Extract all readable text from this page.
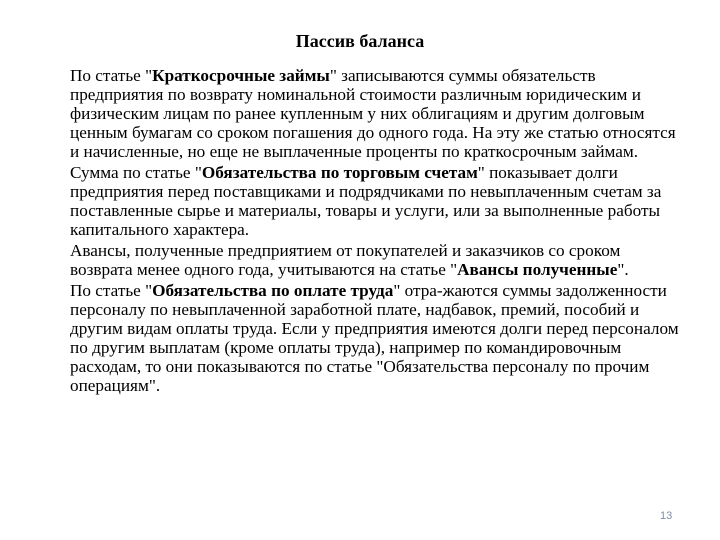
Пассив баланса

По статье "Краткосрочные займы" записываются суммы обязательств предприятия по возврату номинальной стоимости различным юридическим и физическим лицам по ранее купленным у них облигациям и другим долговым ценным бумагам со сроком погашения до одного года. На эту же статью относятся и начисленные, но еще не выплаченные проценты по краткосрочным займам.

Сумма по статье "Обязательства по торговым счетам" показывает долги предприятия перед поставщиками и подрядчиками по невыплаченным счетам за поставленные сырье и материалы, товары и услуги, или за выполненные работы капитального характера.

Авансы, полученные предприятием от покупателей и заказчиков со сроком возврата менее одного года, учитываются на статье "Авансы полученные".

По статье "Обязательства по оплате труда" отра-жаются суммы задолженности персоналу по невыплаченной заработной плате, надбавок, премий, пособий и другим видам оплаты труда. Если у предприятия имеются долги перед персоналом по другим выплатам (кроме оплаты труда), например по командировочным расходам, то они показываются по статье "Обязательства персоналу по прочим операциям".

13
